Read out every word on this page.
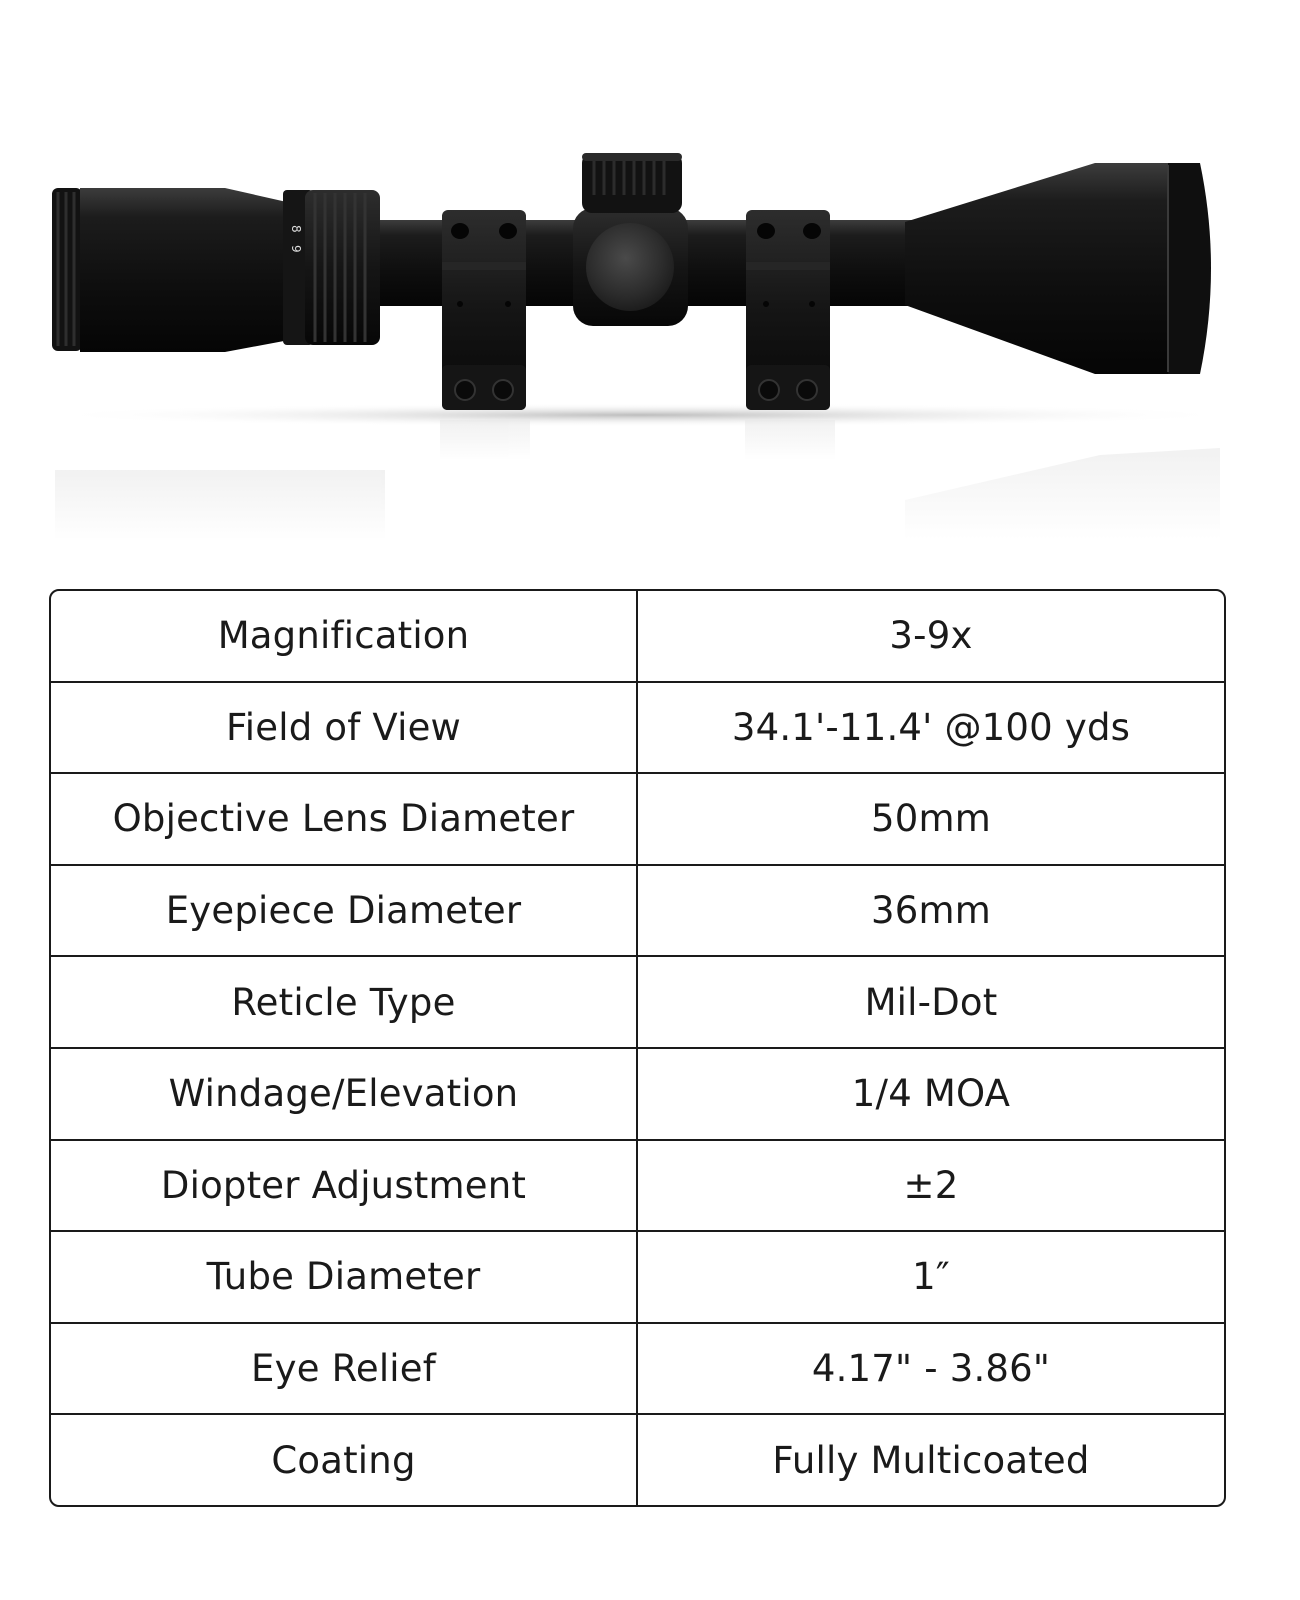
8
9
Magnification	3-9x
Field of View	34.1'-11.4' @100 yds
Objective Lens Diameter	50mm
Eyepiece Diameter	36mm
Reticle Type	Mil-Dot
Windage/Elevation	1/4 MOA
Diopter Adjustment	±2
Tube Diameter	1″
Eye Relief	4.17" - 3.86"
Coating	Fully Multicoated
